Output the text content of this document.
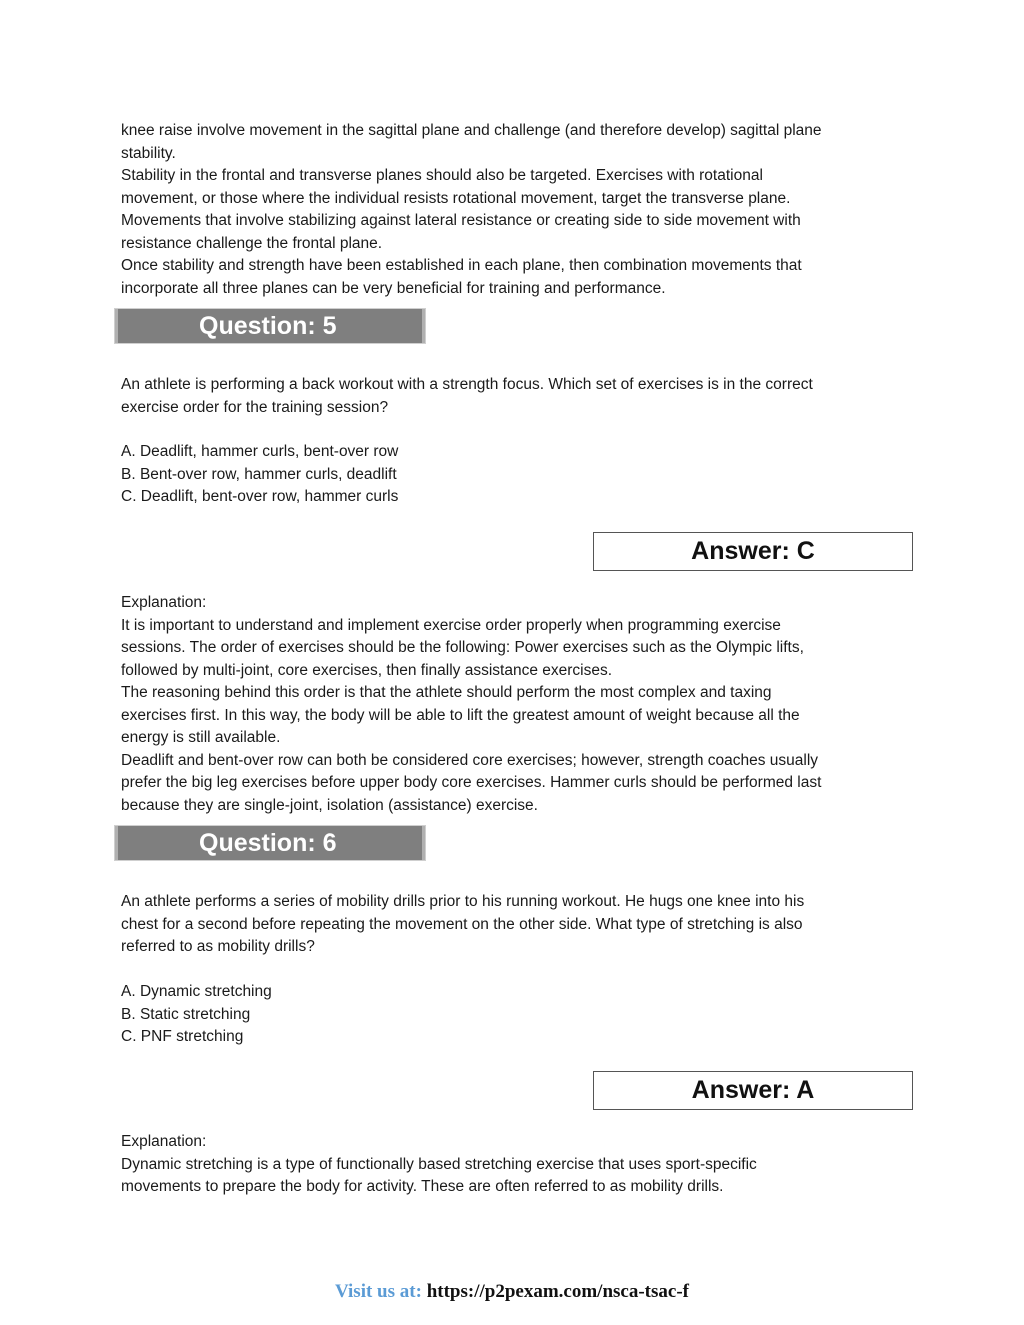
knee raise involve movement in the sagittal plane and challenge (and therefore develop) sagittal plane
stability.
Stability in the frontal and transverse planes should also be targeted. Exercises with rotational
movement, or those where the individual resists rotational movement, target the transverse plane.
Movements that involve stabilizing against lateral resistance or creating side to side movement with
resistance challenge the frontal plane.
Once stability and strength have been established in each plane, then combination movements that
incorporate all three planes can be very beneficial for training and performance.
Question: 5
An athlete is performing a back workout with a strength focus. Which set of exercises is in the correct
exercise order for the training session?
A. Deadlift, hammer curls, bent-over row
B. Bent-over row, hammer curls, deadlift
C. Deadlift, bent-over row, hammer curls
Answer: C
Explanation:
It is important to understand and implement exercise order properly when programming exercise
sessions. The order of exercises should be the following: Power exercises such as the Olympic lifts,
followed by multi-joint, core exercises, then finally assistance exercises.
The reasoning behind this order is that the athlete should perform the most complex and taxing
exercises first. In this way, the body will be able to lift the greatest amount of weight because all the
energy is still available.
Deadlift and bent-over row can both be considered core exercises; however, strength coaches usually
prefer the big leg exercises before upper body core exercises. Hammer curls should be performed last
because they are single-joint, isolation (assistance) exercise.
Question: 6
An athlete performs a series of mobility drills prior to his running workout. He hugs one knee into his
chest for a second before repeating the movement on the other side. What type of stretching is also
referred to as mobility drills?
A. Dynamic stretching
B. Static stretching
C. PNF stretching
Answer: A
Explanation:
Dynamic stretching is a type of functionally based stretching exercise that uses sport-specific
movements to prepare the body for activity. These are often referred to as mobility drills.
Visit us at: https://p2pexam.com/nsca-tsac-f
